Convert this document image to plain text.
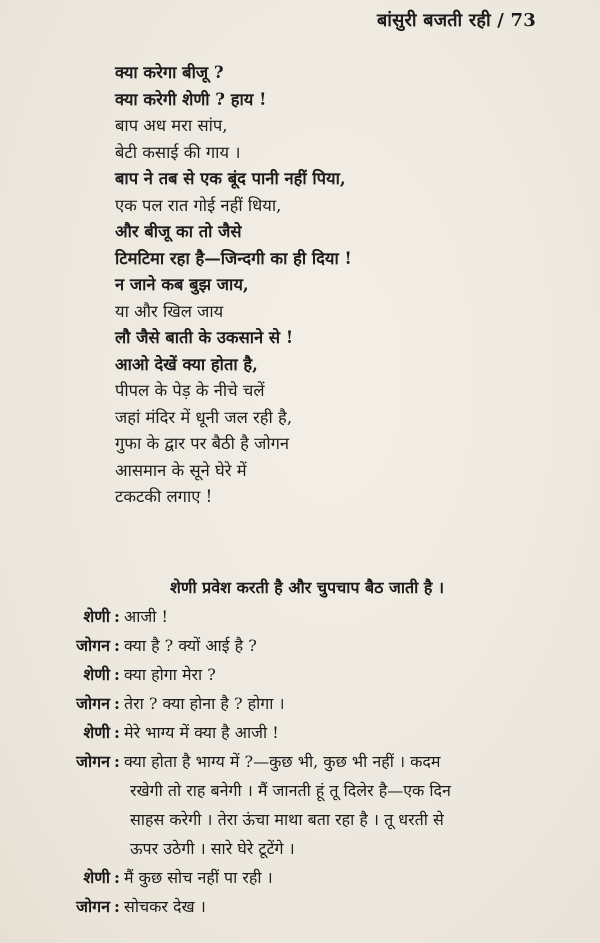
बांसुरी बजती रही / 73
क्या करेगा बीजू ?
क्या करेगी शेणी ? हाय !
बाप अध मरा सांप,
बेटी कसाई की गाय ।
बाप ने तब से एक बूंद पानी नहीं पिया,
एक पल रात गोई नहीं धिया,
और बीजू का तो जैसे
टिमटिमा रहा है—जिन्दगी का ही दिया !
न जाने कब बुझ जाय,
या और खिल जाय
लौ जैसे बाती के उकसाने से !
आओ देखें क्या होता है,
पीपल के पेड़ के नीचे चलें
जहां मंदिर में धूनी जल रही है,
गुफा के द्वार पर बैठी है जोगन
आसमान के सूने घेरे में
टकटकी लगाए !
शेणी प्रवेश करती है और चुपचाप बैठ जाती है ।
शेणी : आजी !
जोगन : क्या है ? क्यों आई है ?
शेणी : क्या होगा मेरा ?
जोगन : तेरा ? क्या होना है ? होगा ।
शेणी : मेरे भाग्य में क्या है आजी !
जोगन : क्या होता है भाग्य में ?—कुछ भी, कुछ भी नहीं । कदम
रखेगी तो राह बनेगी । मैं जानती हूं तू दिलेर है—एक दिन
साहस करेगी । तेरा ऊंचा माथा बता रहा है । तू धरती से
ऊपर उठेगी । सारे घेरे टूटेंगे ।
शेणी : मैं कुछ सोच नहीं पा रही ।
जोगन : सोचकर देख ।
